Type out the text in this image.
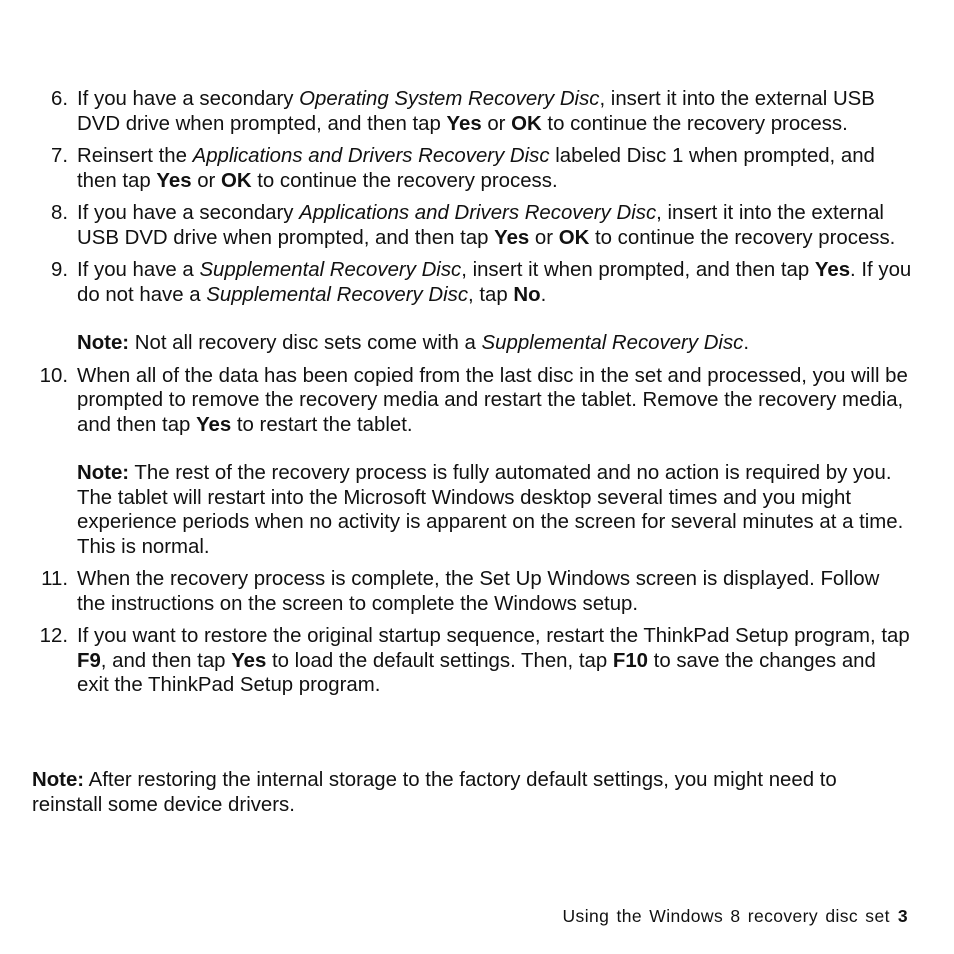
6. If you have a secondary Operating System Recovery Disc, insert it into the external USB DVD drive when prompted, and then tap Yes or OK to continue the recovery process.
7. Reinsert the Applications and Drivers Recovery Disc labeled Disc 1 when prompted, and then tap Yes or OK to continue the recovery process.
8. If you have a secondary Applications and Drivers Recovery Disc, insert it into the external USB DVD drive when prompted, and then tap Yes or OK to continue the recovery process.
9. If you have a Supplemental Recovery Disc, insert it when prompted, and then tap Yes. If you do not have a Supplemental Recovery Disc, tap No.
Note: Not all recovery disc sets come with a Supplemental Recovery Disc.
10. When all of the data has been copied from the last disc in the set and processed, you will be prompted to remove the recovery media and restart the tablet. Remove the recovery media, and then tap Yes to restart the tablet.
Note: The rest of the recovery process is fully automated and no action is required by you. The tablet will restart into the Microsoft Windows desktop several times and you might experience periods when no activity is apparent on the screen for several minutes at a time. This is normal.
11. When the recovery process is complete, the Set Up Windows screen is displayed. Follow the instructions on the screen to complete the Windows setup.
12. If you want to restore the original startup sequence, restart the ThinkPad Setup program, tap F9, and then tap Yes to load the default settings. Then, tap F10 to save the changes and exit the ThinkPad Setup program.

Note: After restoring the internal storage to the factory default settings, you might need to reinstall some device drivers.

Using the Windows 8 recovery disc set 3
